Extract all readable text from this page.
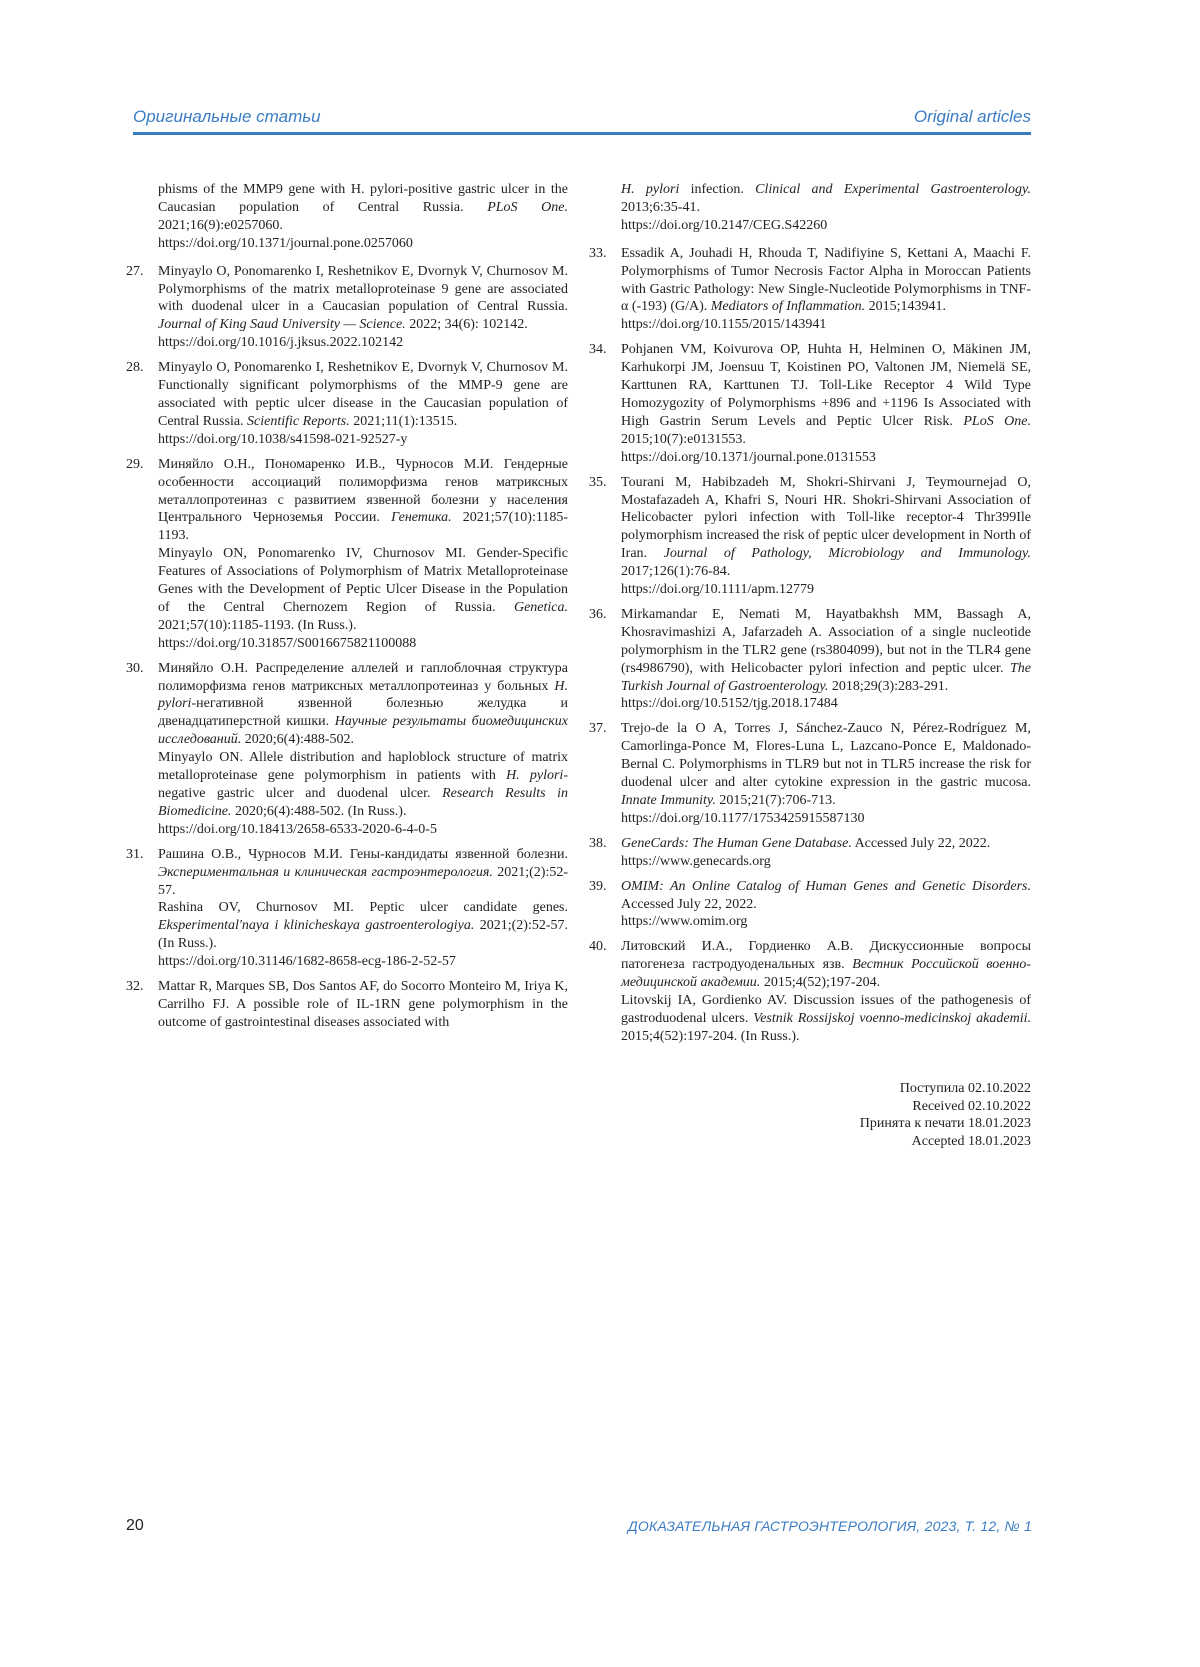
Оригинальные статьи	Original articles

phisms of the MMP9 gene with H. pylori-positive gastric ulcer in the Caucasian population of Central Russia. PLoS One. 2021;16(9):e0257060.

https://doi.org/10.1371/journal.pone.0257060

27. Minyaylo O, Ponomarenko I, Reshetnikov E, Dvornyk V, Churnosov M. Polymorphisms of the matrix metalloproteinase 9 gene are associated with duodenal ulcer in a Caucasian population of Central Russia. Journal of King Saud University — Science. 2022; 34(6): 102142.

https://doi.org/10.1016/j.jksus.2022.102142

28. Minyaylo O, Ponomarenko I, Reshetnikov E, Dvornyk V, Churnosov M. Functionally significant polymorphisms of the MMP-9 gene are associated with peptic ulcer disease in the Caucasian population of Central Russia. Scientific Reports. 2021;11(1):13515.

https://doi.org/10.1038/s41598-021-92527-y

29. Миняйло О.Н., Пономаренко И.В., Чурносов М.И. Гендерные особенности ассоциаций полиморфизма генов матриксных металлопротеиназ с развитием язвенной болезни у населения Центрального Черноземья России. Генетика. 2021;57(10):1185-1193.

Minyaylo ON, Ponomarenko IV, Churnosov MI. Gender-Specific Features of Associations of Polymorphism of Matrix Metalloproteinase Genes with the Development of Peptic Ulcer Disease in the Population of the Central Chernozem Region of Russia. Genetica. 2021;57(10):1185-1193. (In Russ.).

https://doi.org/10.31857/S0016675821100088

30. Миняйло О.Н. Распределение аллелей и гаплоблочная структура полиморфизма генов матриксных металлопротеиназ у больных H. pylori-негативной язвенной болезнью желудка и двенадцатиперстной кишки. Научные результаты биомедицинских исследований. 2020;6(4):488-502.

Minyaylo ON. Allele distribution and haploblock structure of matrix metalloproteinase gene polymorphism in patients with H. pylori-negative gastric ulcer and duodenal ulcer. Research Results in Biomedicine. 2020;6(4):488-502. (In Russ.).

https://doi.org/10.18413/2658-6533-2020-6-4-0-5

31. Рашина О.В., Чурносов М.И. Гены-кандидаты язвенной болезни. Экспериментальная и клиническая гастроэнтерология. 2021;(2):52-57.

Rashina OV, Churnosov MI. Peptic ulcer candidate genes. Eksperimental'naya i klinicheskaya gastroenterologiya. 2021;(2):52-57. (In Russ.).

https://doi.org/10.31146/1682-8658-ecg-186-2-52-57

32. Mattar R, Marques SB, Dos Santos AF, do Socorro Monteiro M, Iriya K, Carrilho FJ. A possible role of IL-1RN gene polymorphism in the outcome of gastrointestinal diseases associated with

H. pylori infection. Clinical and Experimental Gastroenterology. 2013;6:35-41.

https://doi.org/10.2147/CEG.S42260

33. Essadik A, Jouhadi H, Rhouda T, Nadifiyine S, Kettani A, Maachi F. Polymorphisms of Tumor Necrosis Factor Alpha in Moroccan Patients with Gastric Pathology: New Single-Nucleotide Polymorphisms in TNF-α (-193) (G/A). Mediators of Inflammation. 2015;143941.

https://doi.org/10.1155/2015/143941

34. Pohjanen VM, Koivurova OP, Huhta H, Helminen O, Mäkinen JM, Karhukorpi JM, Joensuu T, Koistinen PO, Valtonen JM, Niemelä SE, Karttunen RA, Karttunen TJ. Toll-Like Receptor 4 Wild Type Homozygozity of Polymorphisms +896 and +1196 Is Associated with High Gastrin Serum Levels and Peptic Ulcer Risk. PLoS One. 2015;10(7):e0131553.

https://doi.org/10.1371/journal.pone.0131553

35. Tourani M, Habibzadeh M, Shokri-Shirvani J, Teymournejad O, Mostafazadeh A, Khafri S, Nouri HR. Shokri-Shirvani Association of Helicobacter pylori infection with Toll-like receptor-4 Thr399Ile polymorphism increased the risk of peptic ulcer development in North of Iran. Journal of Pathology, Microbiology and Immunology. 2017;126(1):76-84.

https://doi.org/10.1111/apm.12779

36. Mirkamandar E, Nemati M, Hayatbakhsh MM, Bassagh A, Khosravimashizi A, Jafarzadeh A. Association of a single nucleotide polymorphism in the TLR2 gene (rs3804099), but not in the TLR4 gene (rs4986790), with Helicobacter pylori infection and peptic ulcer. The Turkish Journal of Gastroenterology. 2018;29(3):283-291.

https://doi.org/10.5152/tjg.2018.17484

37. Trejo-de la O A, Torres J, Sánchez-Zauco N, Pérez-Rodríguez M, Camorlinga-Ponce M, Flores-Luna L, Lazcano-Ponce E, Maldonado-Bernal C. Polymorphisms in TLR9 but not in TLR5 increase the risk for duodenal ulcer and alter cytokine expression in the gastric mucosa. Innate Immunity. 2015;21(7):706-713.

https://doi.org/10.1177/1753425915587130

38. GeneCards: The Human Gene Database. Accessed July 22, 2022.

https://www.genecards.org

39. OMIM: An Online Catalog of Human Genes and Genetic Disorders. Accessed July 22, 2022.

https://www.omim.org

40. Литовский И.А., Гордиенко А.В. Дискуссионные вопросы патогенеза гастродуоденальных язв. Вестник Российской военно-медицинской академии. 2015;4(52);197-204.

Litovskij IA, Gordienko AV. Discussion issues of the pathogenesis of gastroduodenal ulcers. Vestnik Rossijskoj voenno-medicinskoj akademii. 2015;4(52):197-204. (In Russ.).

Поступила 02.10.2022
Received 02.10.2022
Принята к печати 18.01.2023
Accepted 18.01.2023
20	ДОКАЗАТЕЛЬНАЯ ГАСТРОЭНТЕРОЛОГИЯ, 2023, Т. 12, № 1
